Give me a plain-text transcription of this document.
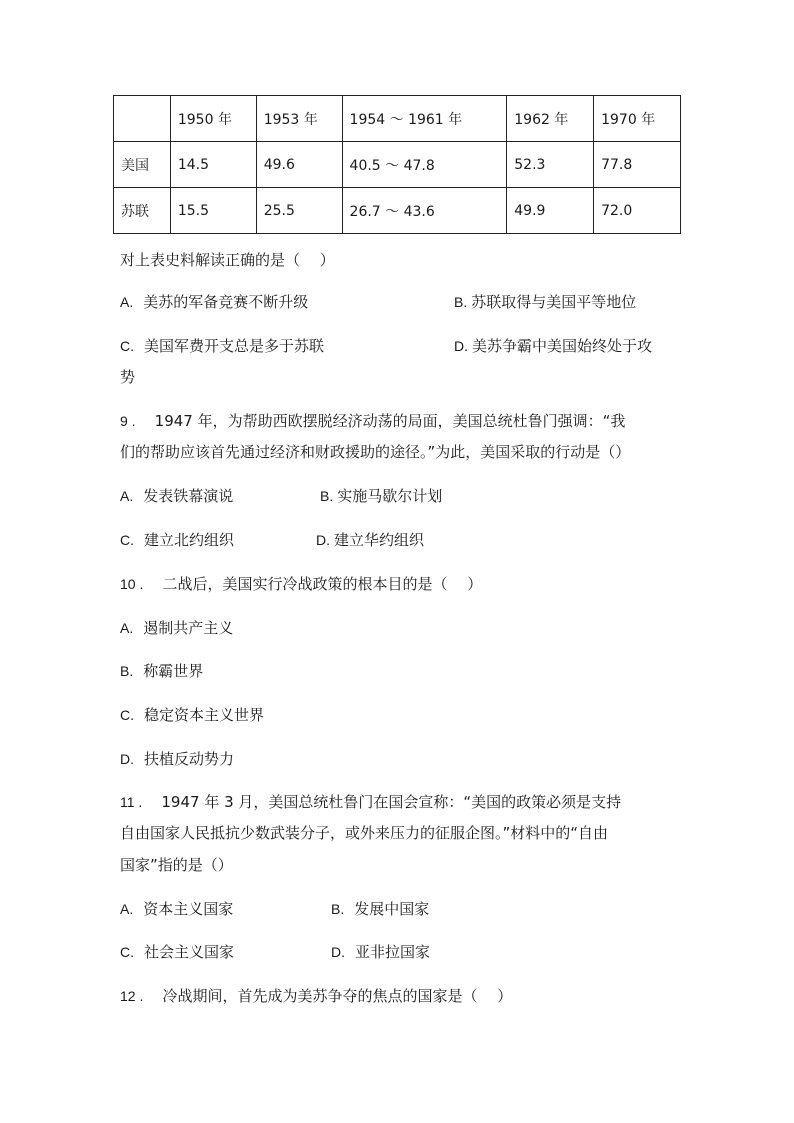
	1950 年	1953 年	1954 ～ 1961 年	1962 年	1970 年
美国	14.5	49.6	40.5 ～ 47.8	52.3	77.8
苏联	15.5	25.5	26.7 ～ 43.6	49.9	72.0
对上表史料解读正确的是（　 ）
A. 美苏的军备竞赛不断升级	B. 苏联取得与美国平等地位
C. 美国军费开支总是多于苏联	D. 美苏争霸中美国始终处于攻
势
9 . 1947 年，为帮助西欧摆脱经济动荡的局面，美国总统杜鲁门强调：“我
们的帮助应该首先通过经济和财政援助的途径。”为此，美国采取的行动是（）
A. 发表铁幕演说	B. 实施马歇尔计划
C. 建立北约组织	D. 建立华约组织
10 . 二战后，美国实行冷战政策的根本目的是（　 ）
A. 遏制共产主义
B. 称霸世界
C. 稳定资本主义世界
D. 扶植反动势力
11 . 1947 年 3 月，美国总统杜鲁门在国会宣称：“美国的政策必须是支持
自由国家人民抵抗少数武装分子，或外来压力的征服企图。”材料中的“自由
国家”指的是（）
A. 资本主义国家	B. 发展中国家
C. 社会主义国家	D. 亚非拉国家
12 . 冷战期间，首先成为美苏争夺的焦点的国家是（　 ）
